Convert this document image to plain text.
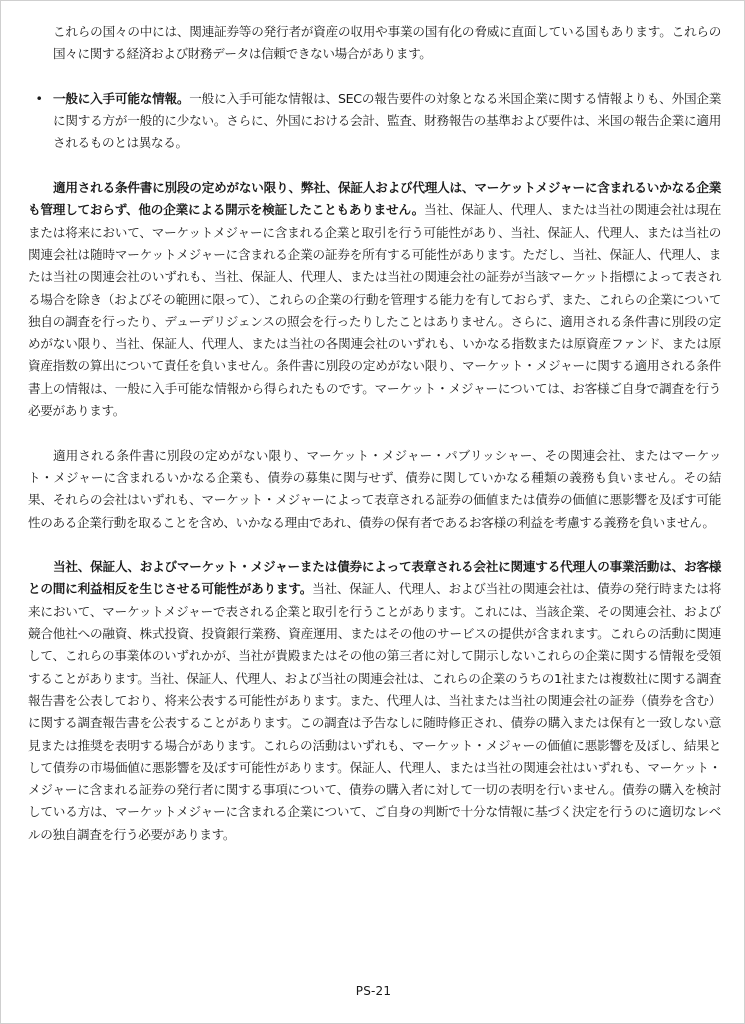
これらの国々の中には、関連証券等の発行者が資産の収用や事業の国有化の脅威に直面している国もあります。これらの国々に関する経済および財務データは信頼できない場合があります。

• 一般に入手可能な情報。一般に入手可能な情報は、SECの報告要件の対象となる米国企業に関する情報よりも、外国企業に関する方が一般的に少ない。さらに、外国における会計、監査、財務報告の基準および要件は、米国の報告企業に適用されるものとは異なる。

適用される条件書に別段の定めがない限り、弊社、保証人および代理人は、マーケットメジャーに含まれるいかなる企業も管理しておらず、他の企業による開示を検証したこともありません。当社、保証人、代理人、または当社の関連会社は現在または将来において、マーケットメジャーに含まれる企業と取引を行う可能性があり、当社、保証人、代理人、または当社の関連会社は随時マーケットメジャーに含まれる企業の証券を所有する可能性があります。ただし、当社、保証人、代理人、または当社の関連会社のいずれも、当社、保証人、代理人、または当社の関連会社の証券が当該マーケット指標によって表される場合を除き（およびその範囲に限って）、これらの企業の行動を管理する能力を有しておらず、また、これらの企業について独自の調査を行ったり、デューデリジェンスの照会を行ったりしたことはありません。さらに、適用される条件書に別段の定めがない限り、当社、保証人、代理人、または当社の各関連会社のいずれも、いかなる指数または原資産ファンド、または原資産指数の算出について責任を負いません。条件書に別段の定めがない限り、マーケット・メジャーに関する適用される条件書上の情報は、一般に入手可能な情報から得られたものです。マーケット・メジャーについては、お客様ご自身で調査を行う必要があります。

適用される条件書に別段の定めがない限り、マーケット・メジャー・パブリッシャー、その関連会社、またはマーケット・メジャーに含まれるいかなる企業も、債券の募集に関与せず、債券に関していかなる種類の義務も負いません。その結果、それらの会社はいずれも、マーケット・メジャーによって表章される証券の価値または債券の価値に悪影響を及ぼす可能性のある企業行動を取ることを含め、いかなる理由であれ、債券の保有者であるお客様の利益を考慮する義務を負いません。

当社、保証人、およびマーケット・メジャーまたは債券によって表章される会社に関連する代理人の事業活動は、お客様との間に利益相反を生じさせる可能性があります。当社、保証人、代理人、および当社の関連会社は、債券の発行時または将来において、マーケットメジャーで表される企業と取引を行うことがあります。これには、当該企業、その関連会社、および競合他社への融資、株式投資、投資銀行業務、資産運用、またはその他のサービスの提供が含まれます。これらの活動に関連して、これらの事業体のいずれかが、当社が貴殿またはその他の第三者に対して開示しないこれらの企業に関する情報を受領することがあります。当社、保証人、代理人、および当社の関連会社は、これらの企業のうちの1社または複数社に関する調査報告書を公表しており、将来公表する可能性があります。また、代理人は、当社または当社の関連会社の証券（債券を含む）に関する調査報告書を公表することがあります。この調査は予告なしに随時修正され、債券の購入または保有と一致しない意見または推奨を表明する場合があります。これらの活動はいずれも、マーケット・メジャーの価値に悪影響を及ぼし、結果として債券の市場価値に悪影響を及ぼす可能性があります。保証人、代理人、または当社の関連会社はいずれも、マーケット・メジャーに含まれる証券の発行者に関する事項について、債券の購入者に対して一切の表明を行いません。債券の購入を検討している方は、マーケットメジャーに含まれる企業について、ご自身の判断で十分な情報に基づく決定を行うのに適切なレベルの独自調査を行う必要があります。

PS-21
